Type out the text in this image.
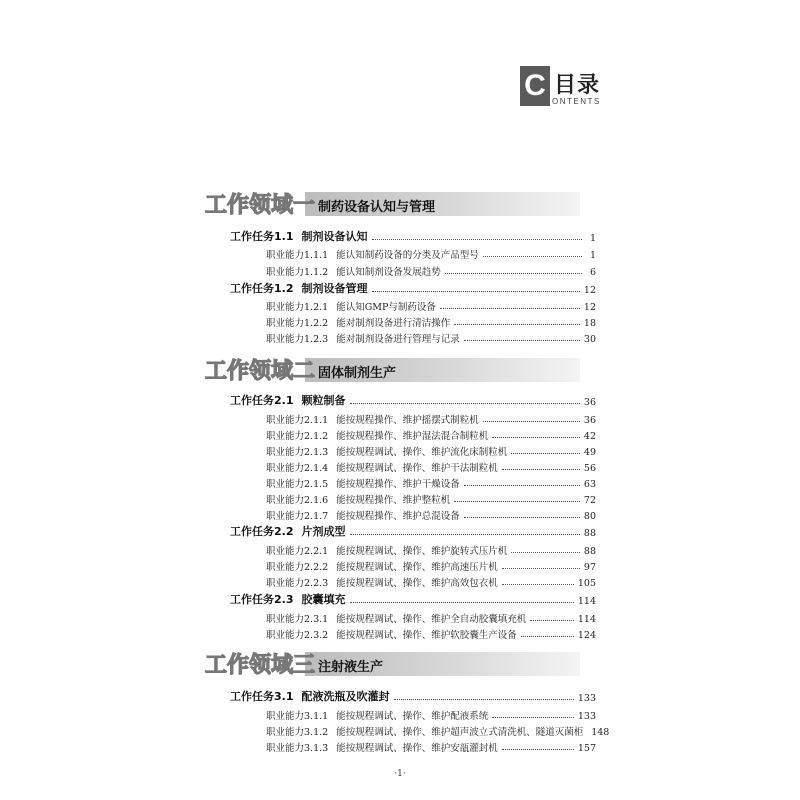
C 目录
ONTENTS
工作领域一 制药设备认知与管理
工作任务1.1 制剂设备认知	1
职业能力1.1.1 能认知制药设备的分类及产品型号	1
职业能力1.1.2 能认知制剂设备发展趋势	6
工作任务1.2 制剂设备管理	12
职业能力1.2.1 能认知GMP与制药设备	12
职业能力1.2.2 能对制剂设备进行清洁操作	18
职业能力1.2.3 能对制剂设备进行管理与记录	30
工作领域二 固体制剂生产
工作任务2.1 颗粒制备	36
职业能力2.1.1 能按规程操作、维护摇摆式制粒机	36
职业能力2.1.2 能按规程操作、维护湿法混合制粒机	42
职业能力2.1.3 能按规程调试、操作、维护流化床制粒机	49
职业能力2.1.4 能按规程调试、操作、维护干法制粒机	56
职业能力2.1.5 能按规程操作、维护干燥设备	63
职业能力2.1.6 能按规程操作、维护整粒机	72
职业能力2.1.7 能按规程操作、维护总混设备	80
工作任务2.2 片剂成型	88
职业能力2.2.1 能按规程调试、操作、维护旋转式压片机	88
职业能力2.2.2 能按规程调试、操作、维护高速压片机	97
职业能力2.2.3 能按规程调试、操作、维护高效包衣机	105
工作任务2.3 胶囊填充	114
职业能力2.3.1 能按规程调试、操作、维护全自动胶囊填充机	114
职业能力2.3.2 能按规程调试、操作、维护软胶囊生产设备	124
工作领域三 注射液生产
工作任务3.1 配液洗瓶及吹灌封	133
职业能力3.1.1 能按规程调试、操作、维护配液系统	133
职业能力3.1.2 能按规程调试、操作、维护超声波立式清洗机、隧道灭菌柜 148
职业能力3.1.3 能按规程调试、操作、维护安瓿灌封机	157
·1·
